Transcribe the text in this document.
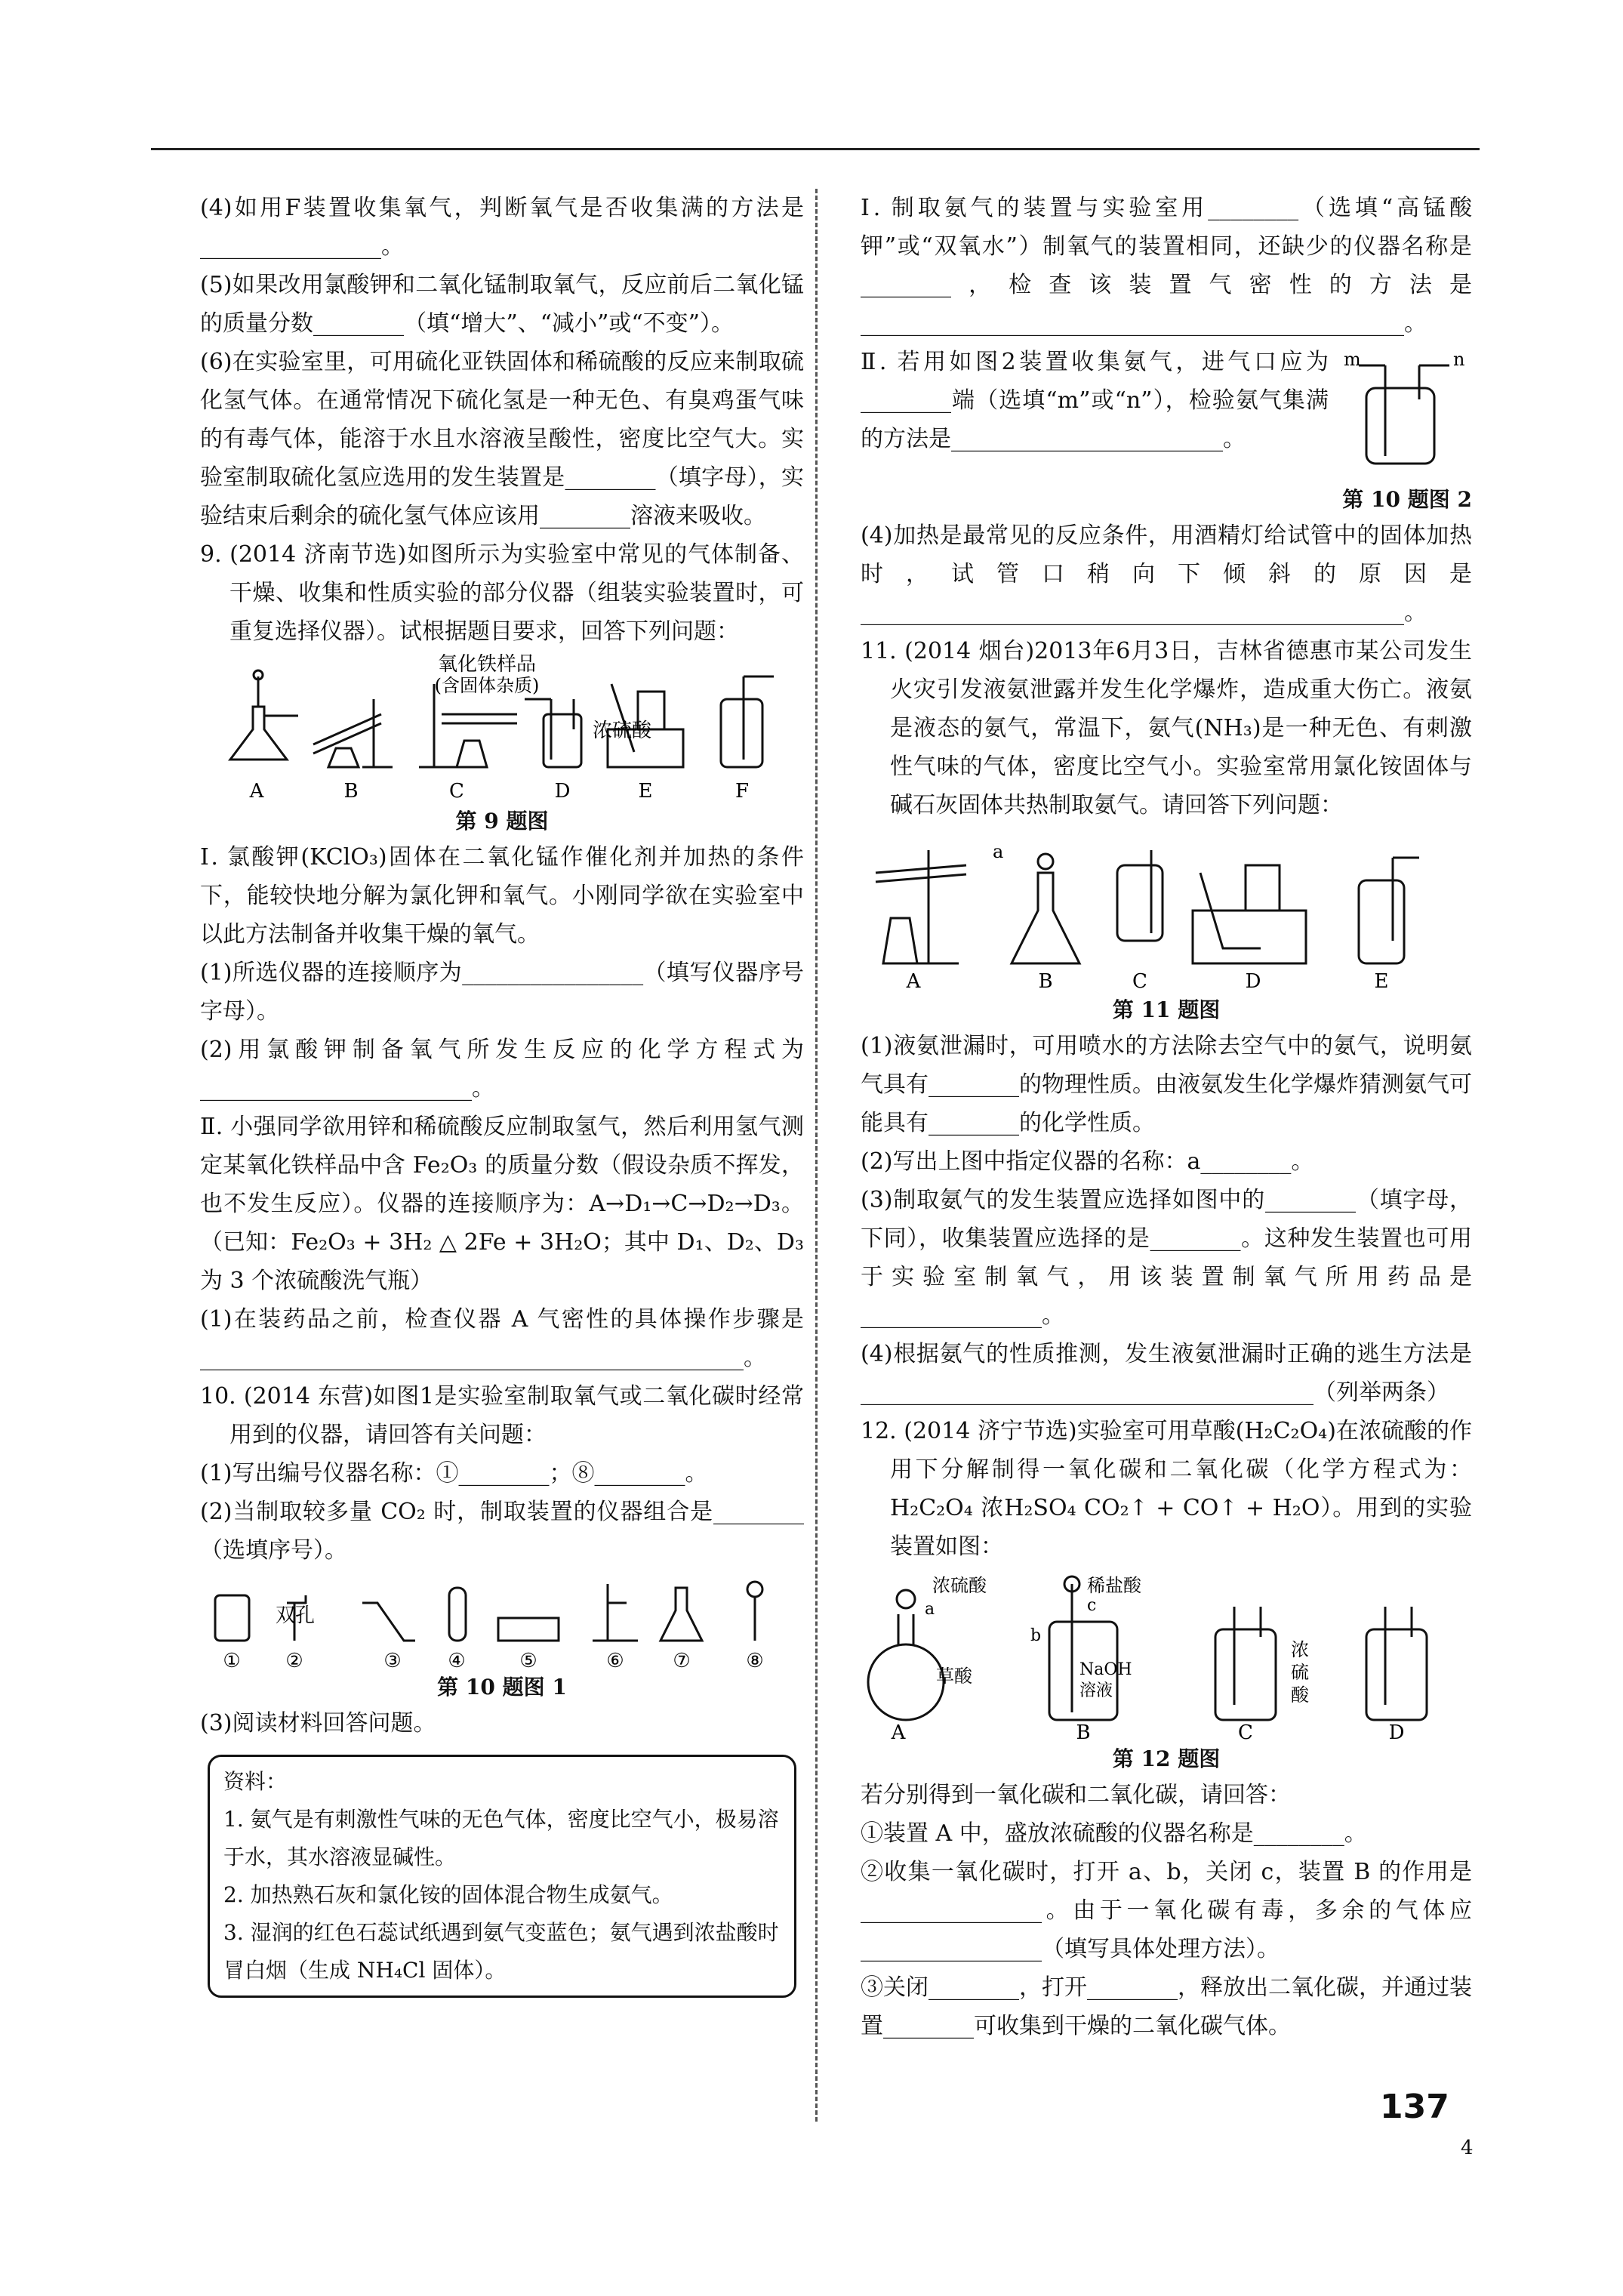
(4)如用F装置收集氧气，判断氧气是否收集满的方法是________________。

(5)如果改用氯酸钾和二氧化锰制取氧气，反应前后二氧化锰的质量分数________（填“增大”、“减小”或“不变”）。

(6)在实验室里，可用硫化亚铁固体和稀硫酸的反应来制取硫化氢气体。在通常情况下硫化氢是一种无色、有臭鸡蛋气味的有毒气体，能溶于水且水溶液呈酸性，密度比空气大。实验室制取硫化氢应选用的发生装置是________（填字母），实验结束后剩余的硫化氢气体应该用________溶液来吸收。

9. (2014 济南节选)如图所示为实验室中常见的气体制备、干燥、收集和性质实验的部分仪器（组装实验装置时，可重复选择仪器）。试根据题目要求，回答下列问题：

氧化铁样品
(含固体杂质)
浓硫酸
A	B	C	D	E	F
第 9 题图

Ⅰ. 氯酸钾(KClO₃)固体在二氧化锰作催化剂并加热的条件下，能较快地分解为氯化钾和氧气。小刚同学欲在实验室中以此方法制备并收集干燥的氧气。

(1)所选仪器的连接顺序为________________（填写仪器序号字母）。

(2)用氯酸钾制备氧气所发生反应的化学方程式为________________________。

Ⅱ. 小强同学欲用锌和稀硫酸反应制取氢气，然后利用氢气测定某氧化铁样品中含 Fe₂O₃ 的质量分数（假设杂质不挥发，也不发生反应）。仪器的连接顺序为：A→D₁→C→D₂→D₃。（已知：Fe₂O₃ + 3H₂ △ 2Fe + 3H₂O；其中 D₁、D₂、D₃ 为 3 个浓硫酸洗气瓶）

(1)在装药品之前，检查仪器 A 气密性的具体操作步骤是________________________________________________。

10. (2014 东营)如图1是实验室制取氧气或二氧化碳时经常用到的仪器，请回答有关问题：

(1)写出编号仪器名称：①________；⑧________。

(2)当制取较多量 CO₂ 时，制取装置的仪器组合是________（选填序号）。

双孔
① ②	③ ④	⑤	⑥ ⑦	⑧
第 10 题图 1

(3)阅读材料回答问题。

资料：
1. 氨气是有刺激性气味的无色气体，密度比空气小，极易溶于水，其水溶液显碱性。
2. 加热熟石灰和氯化铵的固体混合物生成氨气。
3. 湿润的红色石蕊试纸遇到氨气变蓝色；氨气遇到浓盐酸时冒白烟（生成 NH₄Cl 固体）。

Ⅰ. 制取氨气的装置与实验室用________（选填“高锰酸钾”或“双氧水”）制氧气的装置相同，还缺少的仪器名称是________，检查该装置气密性的方法是________________________________________________。

Ⅱ. 若用如图2装置收集氨气，进气口应为________端（选填“m”或“n”），检验氨气集满的方法是________________________。

m	n
第 10 题图 2

(4)加热是最常见的反应条件，用酒精灯给试管中的固体加热时，试管口稍向下倾斜的原因是________________________________________________。

11. (2014 烟台)2013年6月3日，吉林省德惠市某公司发生火灾引发液氨泄露并发生化学爆炸，造成重大伤亡。液氨是液态的氨气，常温下，氨气(NH₃)是一种无色、有刺激性气味的气体，密度比空气小。实验室常用氯化铵固体与碱石灰固体共热制取氨气。请回答下列问题：

a
A	B	C	D	E
第 11 题图

(1)液氨泄漏时，可用喷水的方法除去空气中的氨气，说明氨气具有________的物理性质。由液氨发生化学爆炸猜测氨气可能具有________的化学性质。

(2)写出上图中指定仪器的名称：a________。

(3)制取氨气的发生装置应选择如图中的________（填字母，下同），收集装置应选择的是________。这种发生装置也可用于实验室制氧气，用该装置制氧气所用药品是________________。

(4)根据氨气的性质推测，发生液氨泄漏时正确的逃生方法是________________________________________（列举两条）

12. (2014 济宁节选)实验室可用草酸(H₂C₂O₄)在浓硫酸的作用下分解制得一氧化碳和二氧化碳（化学方程式为：H₂C₂O₄ 浓H₂SO₄ CO₂↑ + CO↑ + H₂O）。用到的实验装置如图：

浓硫酸
a
草酸
稀盐酸
c
b
NaOH
溶液
浓
硫
酸
A	B	C	D
第 12 题图

若分别得到一氧化碳和二氧化碳，请回答：

①装置 A 中，盛放浓硫酸的仪器名称是________。

②收集一氧化碳时，打开 a、b，关闭 c，装置 B 的作用是________________。由于一氧化碳有毒，多余的气体应________________（填写具体处理方法）。

③关闭________，打开________，释放出二氧化碳，并通过装置________可收集到干燥的二氧化碳气体。

137
4
